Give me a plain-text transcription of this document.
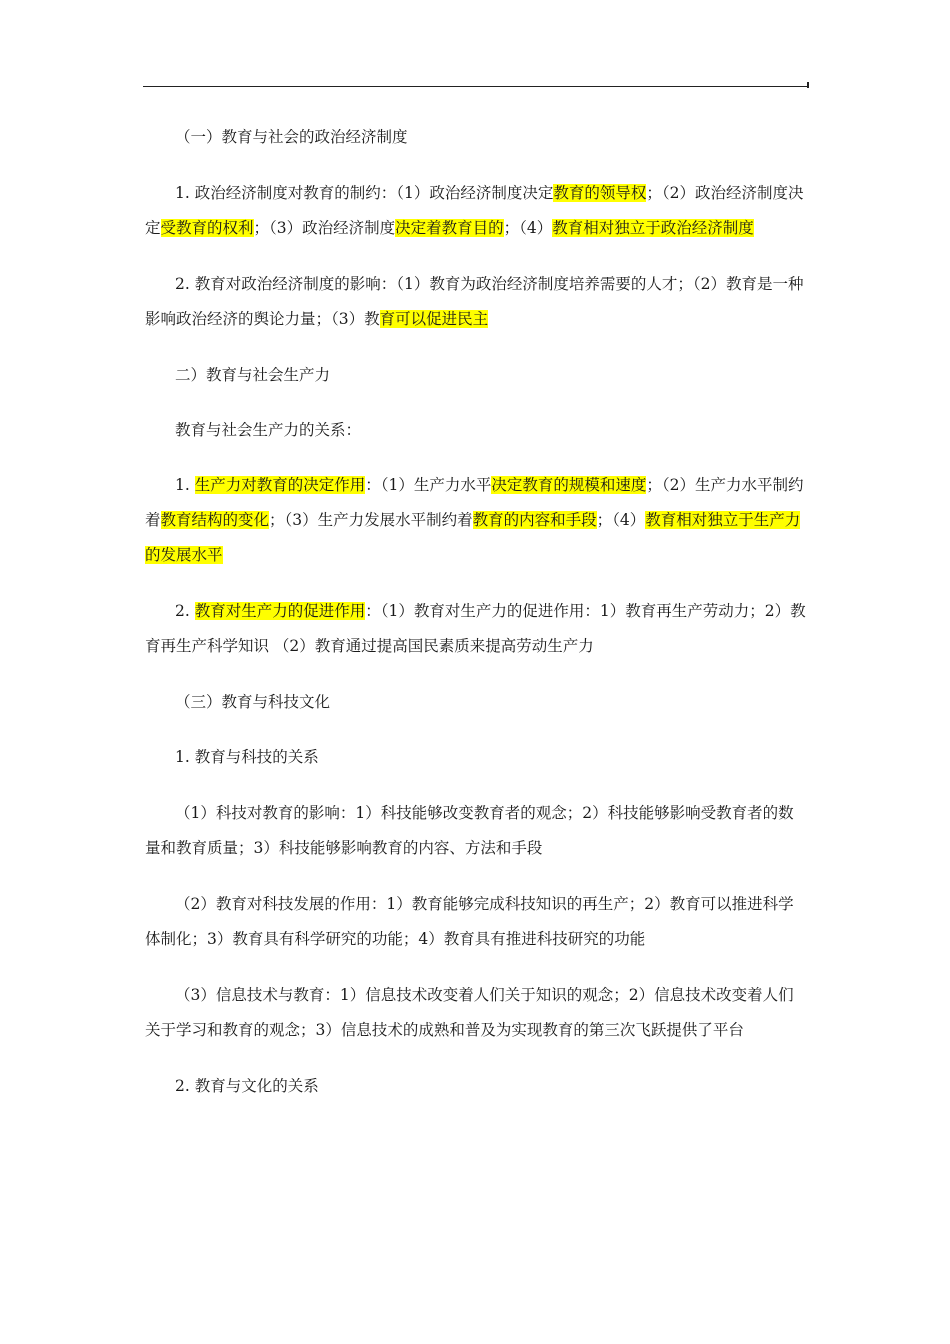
（一）教育与社会的政治经济制度

1. 政治经济制度对教育的制约：（1）政治经济制度决定教育的领导权；（2）政治经济制度决定受教育的权利；（3）政治经济制度决定着教育目的；（4）教育相对独立于政治经济制度

2. 教育对政治经济制度的影响：（1）教育为政治经济制度培养需要的人才；（2）教育是一种影响政治经济的舆论力量；（3）教育可以促进民主

二）教育与社会生产力

教育与社会生产力的关系：

1. 生产力对教育的决定作用：（1）生产力水平决定教育的规模和速度；（2）生产力水平制约着教育结构的变化；（3）生产力发展水平制约着教育的内容和手段；（4）教育相对独立于生产力的发展水平

2. 教育对生产力的促进作用：（1）教育对生产力的促进作用：1）教育再生产劳动力；2）教育再生产科学知识 （2）教育通过提高国民素质来提高劳动生产力

（三）教育与科技文化

1. 教育与科技的关系

（1）科技对教育的影响：1）科技能够改变教育者的观念；2）科技能够影响受教育者的数量和教育质量；3）科技能够影响教育的内容、方法和手段

（2）教育对科技发展的作用：1）教育能够完成科技知识的再生产；2）教育可以推进科学体制化；3）教育具有科学研究的功能；4）教育具有推进科技研究的功能

（3）信息技术与教育：1）信息技术改变着人们关于知识的观念；2）信息技术改变着人们关于学习和教育的观念；3）信息技术的成熟和普及为实现教育的第三次飞跃提供了平台

2. 教育与文化的关系
